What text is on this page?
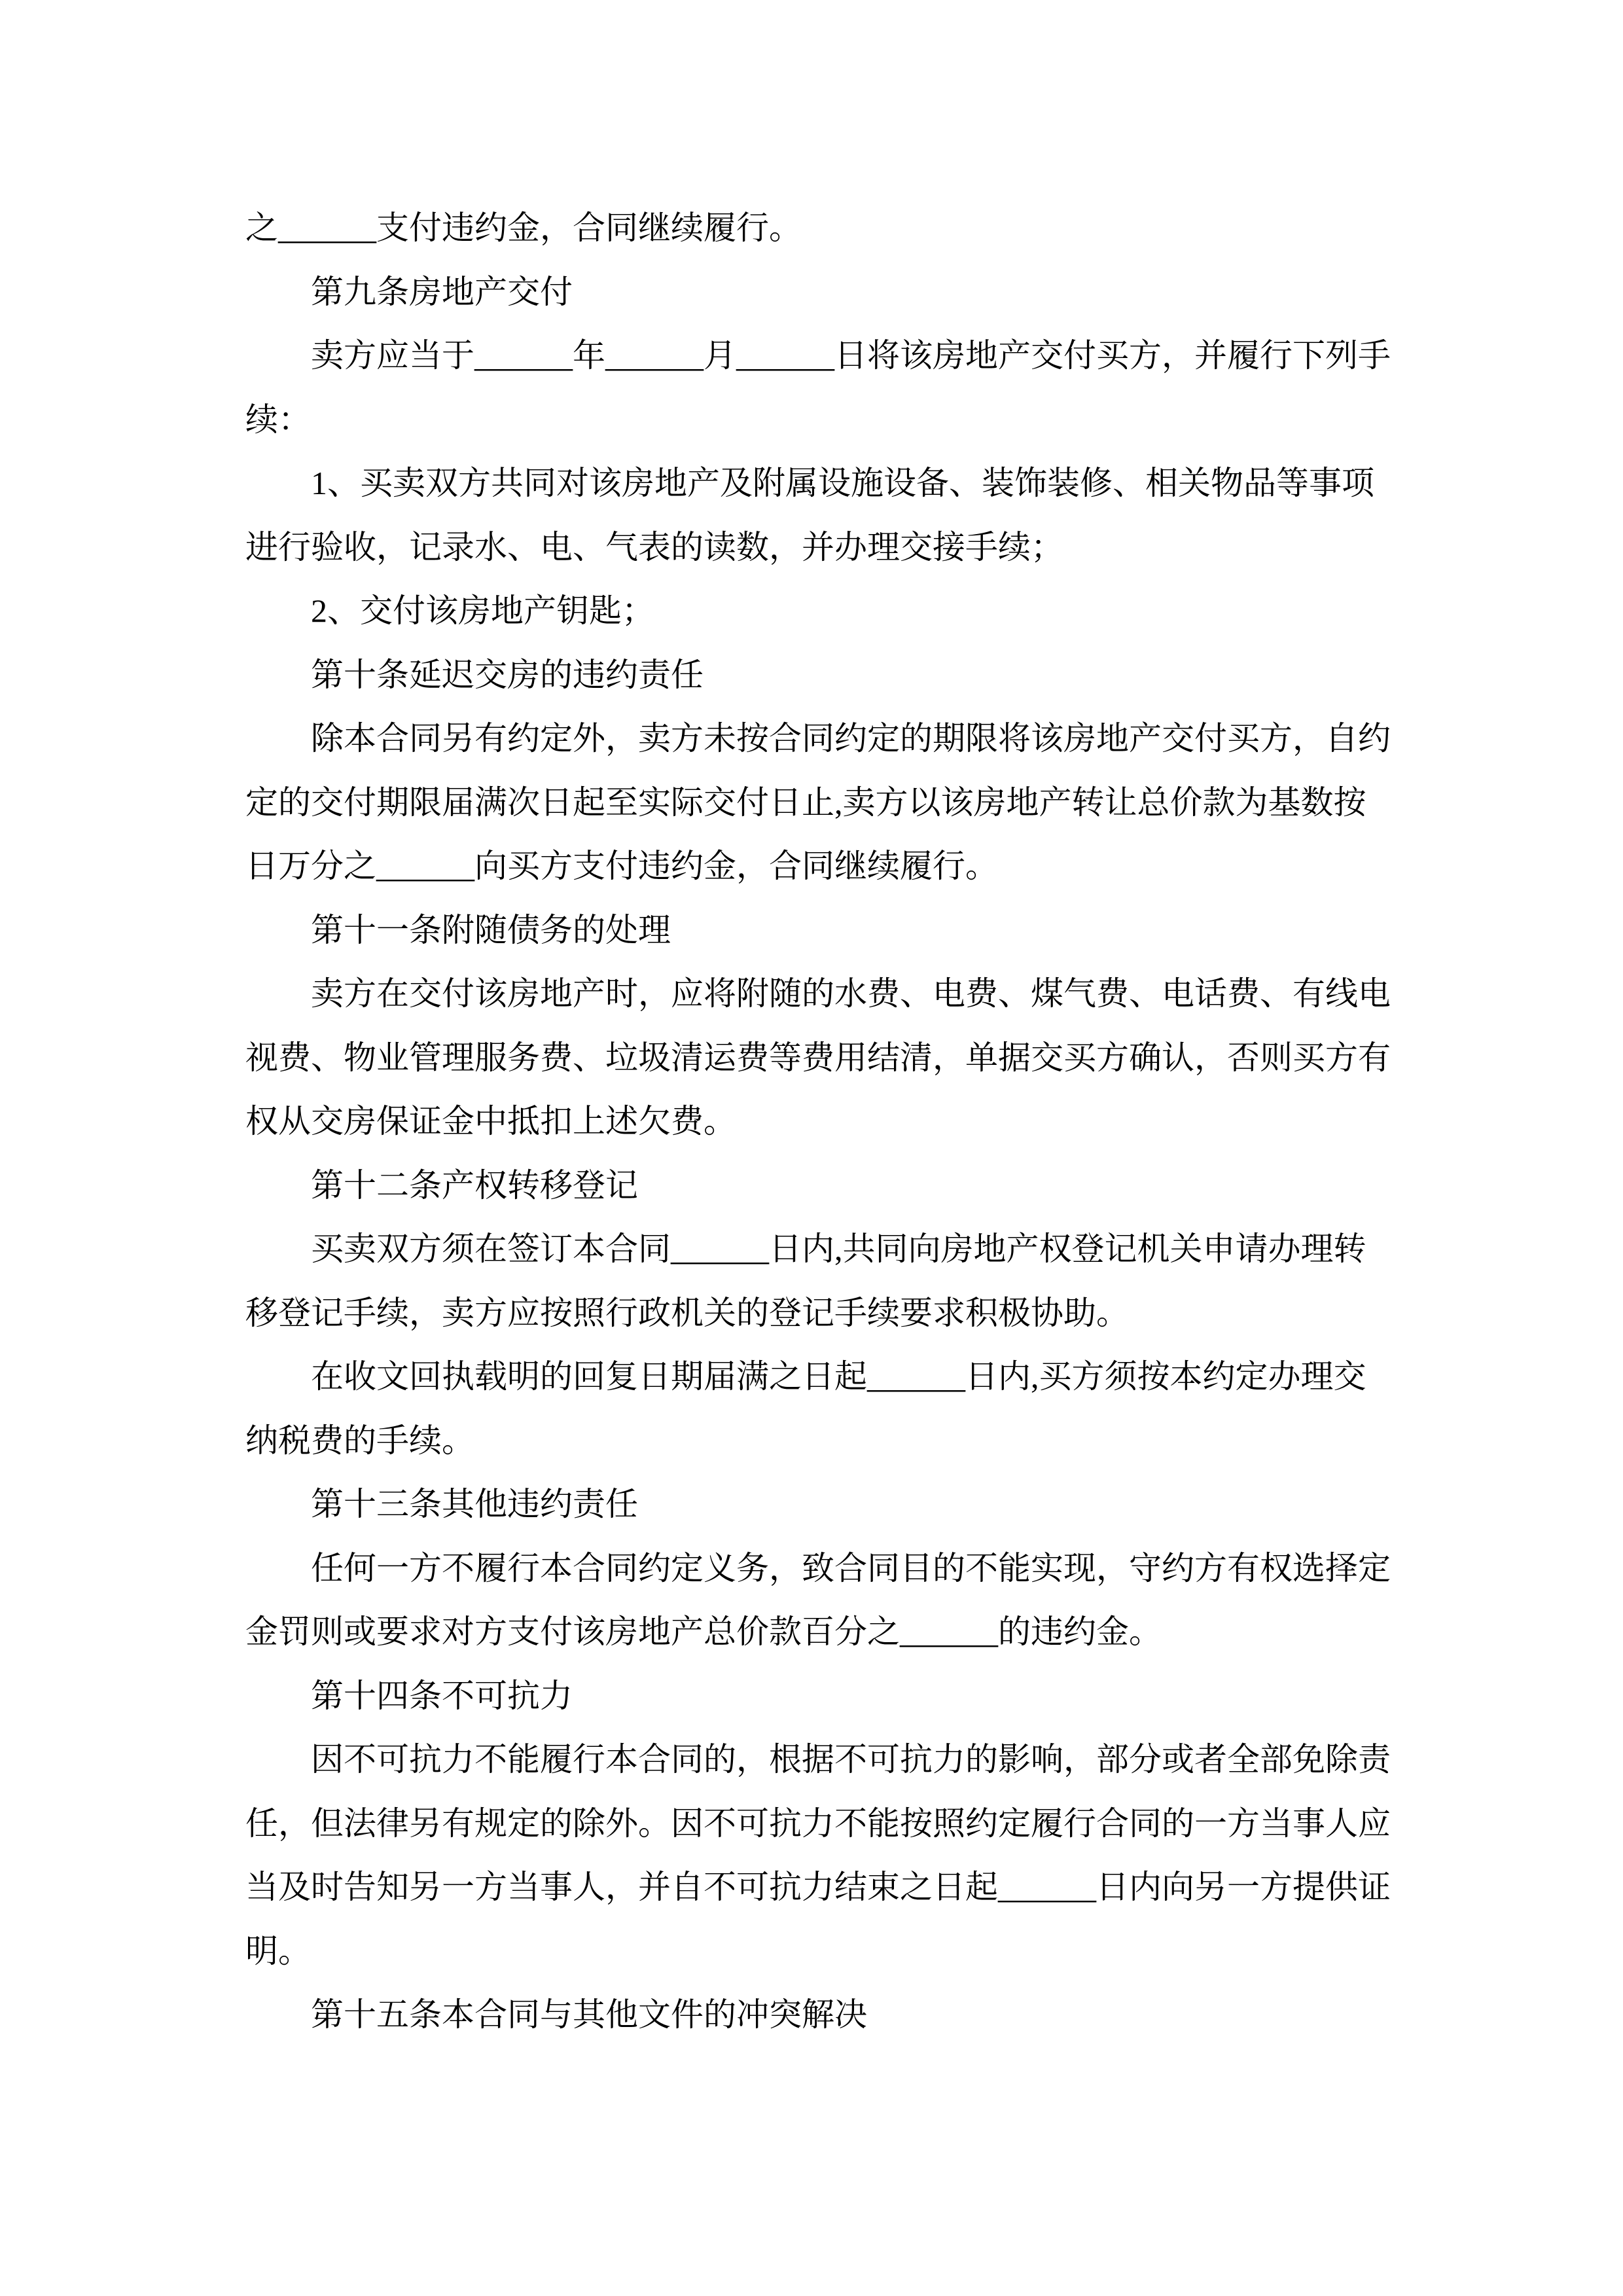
之______支付违约金，合同继续履行。
第九条房地产交付
卖方应当于______年______月______日将该房地产交付买方，并履行下列手
续：
1、买卖双方共同对该房地产及附属设施设备、装饰装修、相关物品等事项
进行验收，记录水、电、气表的读数，并办理交接手续；
2、交付该房地产钥匙；
第十条延迟交房的违约责任
除本合同另有约定外，卖方未按合同约定的期限将该房地产交付买方，自约
定的交付期限届满次日起至实际交付日止,卖方以该房地产转让总价款为基数按
日万分之______向买方支付违约金，合同继续履行。
第十一条附随债务的处理
卖方在交付该房地产时，应将附随的水费、电费、煤气费、电话费、有线电
视费、物业管理服务费、垃圾清运费等费用结清，单据交买方确认，否则买方有
权从交房保证金中抵扣上述欠费。
第十二条产权转移登记
买卖双方须在签订本合同______日内,共同向房地产权登记机关申请办理转
移登记手续，卖方应按照行政机关的登记手续要求积极协助。
在收文回执载明的回复日期届满之日起______日内,买方须按本约定办理交
纳税费的手续。
第十三条其他违约责任
任何一方不履行本合同约定义务，致合同目的不能实现，守约方有权选择定
金罚则或要求对方支付该房地产总价款百分之______的违约金。
第十四条不可抗力
因不可抗力不能履行本合同的，根据不可抗力的影响，部分或者全部免除责
任，但法律另有规定的除外。因不可抗力不能按照约定履行合同的一方当事人应
当及时告知另一方当事人，并自不可抗力结束之日起______日内向另一方提供证
明。
第十五条本合同与其他文件的冲突解决
